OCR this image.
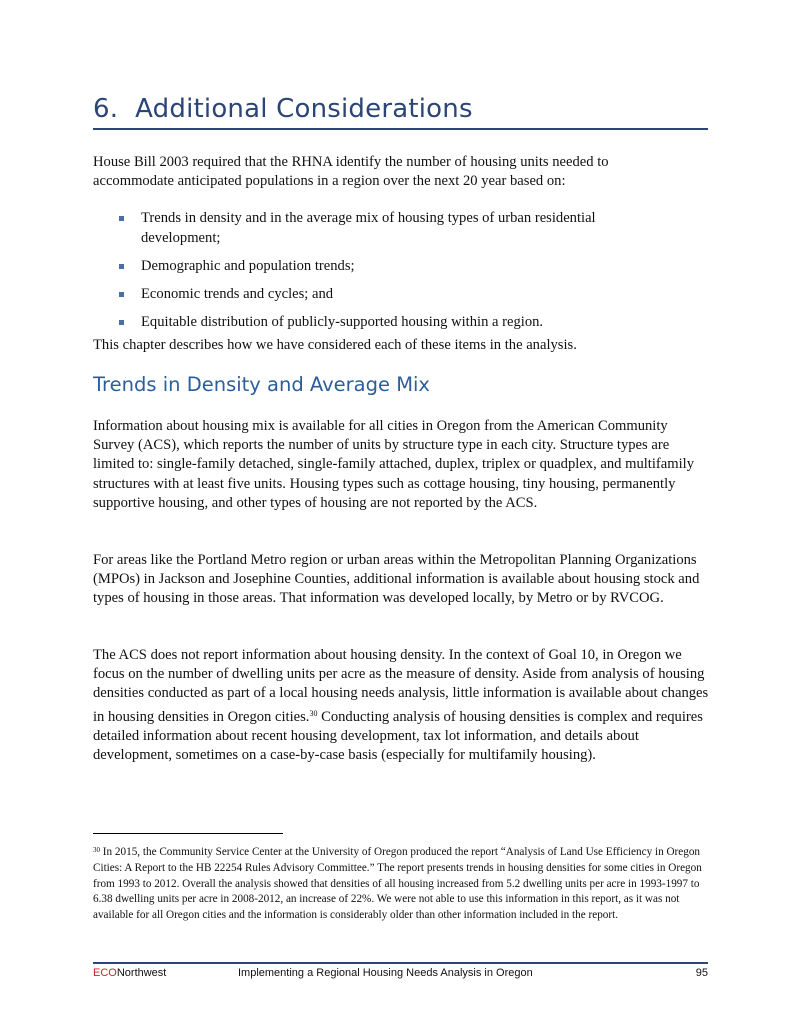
6.  Additional Considerations

House Bill 2003 required that the RHNA identify the number of housing units needed to accommodate anticipated populations in a region over the next 20 year based on:

Trends in density and in the average mix of housing types of urban residential development;
Demographic and population trends;
Economic trends and cycles; and
Equitable distribution of publicly-supported housing within a region.

This chapter describes how we have considered each of these items in the analysis.

Trends in Density and Average Mix

Information about housing mix is available for all cities in Oregon from the American Community Survey (ACS), which reports the number of units by structure type in each city. Structure types are limited to: single-family detached, single-family attached, duplex, triplex or quadplex, and multifamily structures with at least five units. Housing types such as cottage housing, tiny housing, permanently supportive housing, and other types of housing are not reported by the ACS.

For areas like the Portland Metro region or urban areas within the Metropolitan Planning Organizations (MPOs) in Jackson and Josephine Counties, additional information is available about housing stock and types of housing in those areas. That information was developed locally, by Metro or by RVCOG.

The ACS does not report information about housing density. In the context of Goal 10, in Oregon we focus on the number of dwelling units per acre as the measure of density. Aside from analysis of housing densities conducted as part of a local housing needs analysis, little information is available about changes in housing densities in Oregon cities.$^{30}$ Conducting analysis of housing densities is complex and requires detailed information about recent housing development, tax lot information, and details about development, sometimes on a case-by-case basis (especially for multifamily housing).

$^{30}$ In 2015, the Community Service Center at the University of Oregon produced the report “Analysis of Land Use Efficiency in Oregon Cities: A Report to the HB 22254 Rules Advisory Committee.” The report presents trends in housing densities for some cities in Oregon from 1993 to 2012. Overall the analysis showed that densities of all housing increased from 5.2 dwelling units per acre in 1993-1997 to 6.38 dwelling units per acre in 2008-2012, an increase of 22%. We were not able to use this information in this report, as it was not available for all Oregon cities and the information is considerably older than other information included in the report.
ECONorthwest	Implementing a Regional Housing Needs Analysis in Oregon	95
